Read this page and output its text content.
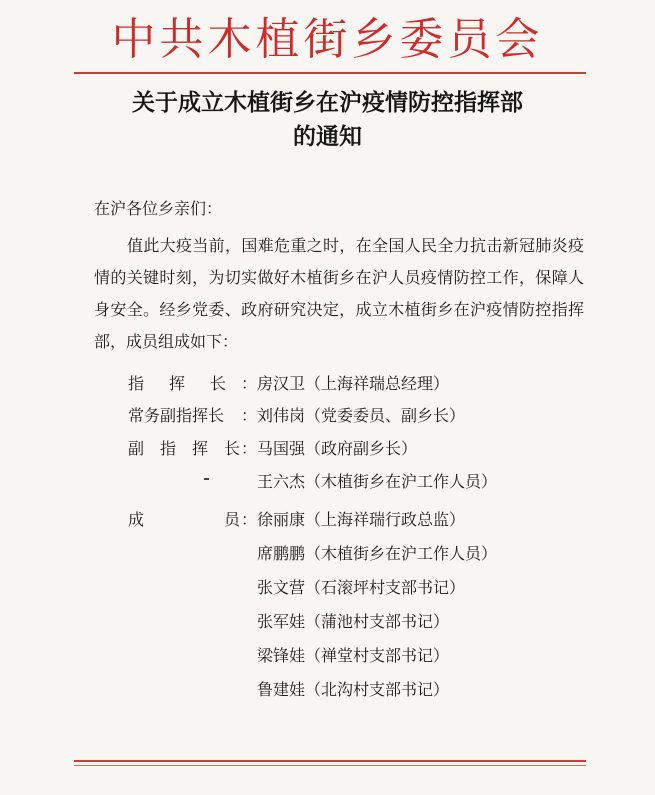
中共木植街乡委员会
关于成立木植街乡在沪疫情防控指挥部
的通知
在沪各位乡亲们：

值此大疫当前，国难危重之时，在全国人民全力抗击新冠肺炎疫情的关键时刻，为切实做好木植街乡在沪人员疫情防控工作，保障人身安全。经乡党委、政府研究决定，成立木植街乡在沪疫情防控指挥部，成员组成如下：

指 挥 长 ： 房汉卫（上海祥瑞总经理）
常务副指挥长	： 刘伟岗（党委委员、副乡长）
副 指 挥 长 ： 马国强（政府副乡长）
王六杰（木植街乡在沪工作人员）
成	员 ： 徐丽康（上海祥瑞行政总监）
席鹏鹏（木植街乡在沪工作人员）
张文营（石滚坪村支部书记）
张军娃（蒲池村支部书记）
梁锋娃（禅堂村支部书记）
鲁建娃（北沟村支部书记）
